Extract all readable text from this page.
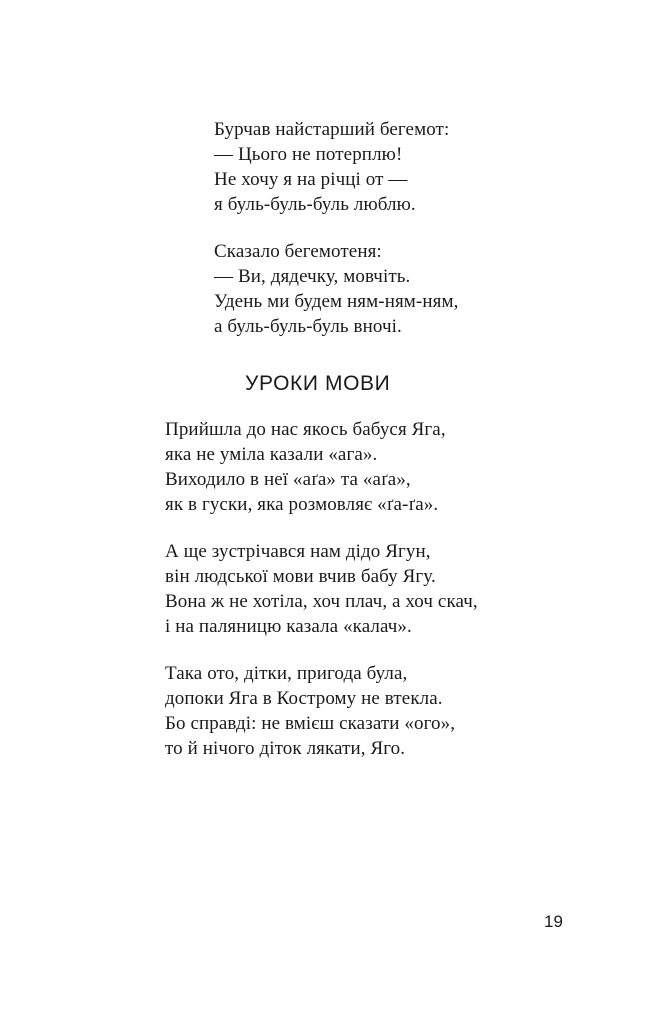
Бурчав найстарший бегемот:
— Цього не потерплю!
Не хочу я на річці от —
я буль-буль-буль люблю.
Сказало бегемотеня:
— Ви, дядечку, мовчіть.
Удень ми будем ням-ням-ням,
а буль-буль-буль вночі.
УРОКИ МОВИ
Прийшла до нас якось бабуся Яга,
яка не уміла казали «ага».
Виходило в неї «аґа» та «аґа»,
як в гуски, яка розмовляє «ґа-ґа».
А ще зустрічався нам дідо Ягун,
він людської мови вчив бабу Ягу.
Вона ж не хотіла, хоч плач, а хоч скач,
і на паляницю казала «калач».
Така ото, дітки, пригода була,
допоки Яга в Кострому не втекла.
Бо справді: не вмієш сказати «ого»,
то й нічого діток лякати, Яго.
19
